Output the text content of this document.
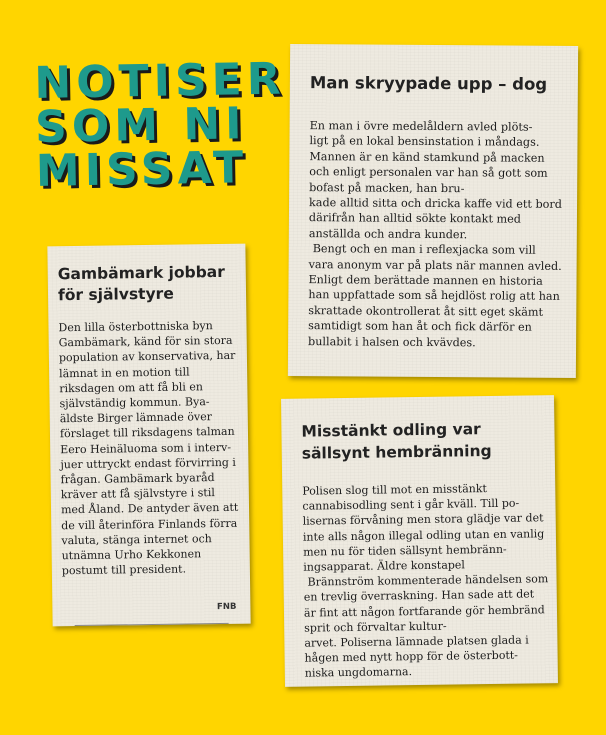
NOTISER
SOM NI
MISSAT
Man skryypade upp – dog

En man i övre medelåldern avled plöts-
ligt på en lokal bensinstation i måndags. Mannen är en känd stamkund på macken och enligt personalen var han så gott som bofast på macken, han bru-
kade alltid sitta och dricka kaffe vid ett bord därifrån han alltid sökte kontakt med anställda och andra kunder.

Bengt och en man i reflexjacka som vill vara anonym var på plats när mannen avled. Enligt dem berättade mannen en historia han uppfattade som så hejdlöst rolig att han skrattade okontrollerat åt sitt eget skämt samtidigt som han åt och fick därför en bullabit i halsen och kvävdes.

Gambämark jobbar för självstyre

Den lilla österbottniska byn Gambämark, känd för sin stora population av konservativa, har lämnat in en motion till riksdagen om att få bli en självständig kommun. Bya-
äldste Birger lämnade över förslaget till riksdagens talman Eero Heinäluoma som i interv-
juer uttryckt endast förvirring i frågan. Gambämark byaråd kräver att få självstyre i stil med Åland. De antyder även att de vill återinföra Finlands förra valuta, stänga internet och utnämna Urho Kekkonen postumt till president.

FNB
Misstänkt odling var sällsynt hembränning

Polisen slog till mot en misstänkt cannabisodling sent i går kväll. Till po-
lisernas förvåning men stora glädje var det inte alls någon illegal odling utan en vanlig men nu för tiden sällsynt hembränn-
ingsapparat. Äldre konstapel

Brännström kommenterade händelsen som en trevlig överraskning. Han sade att det är fint att någon fortfarande gör hembränd sprit och förvaltar kultur-
arvet. Poliserna lämnade platsen glada i hågen med nytt hopp för de österbott-
niska ungdomarna.
